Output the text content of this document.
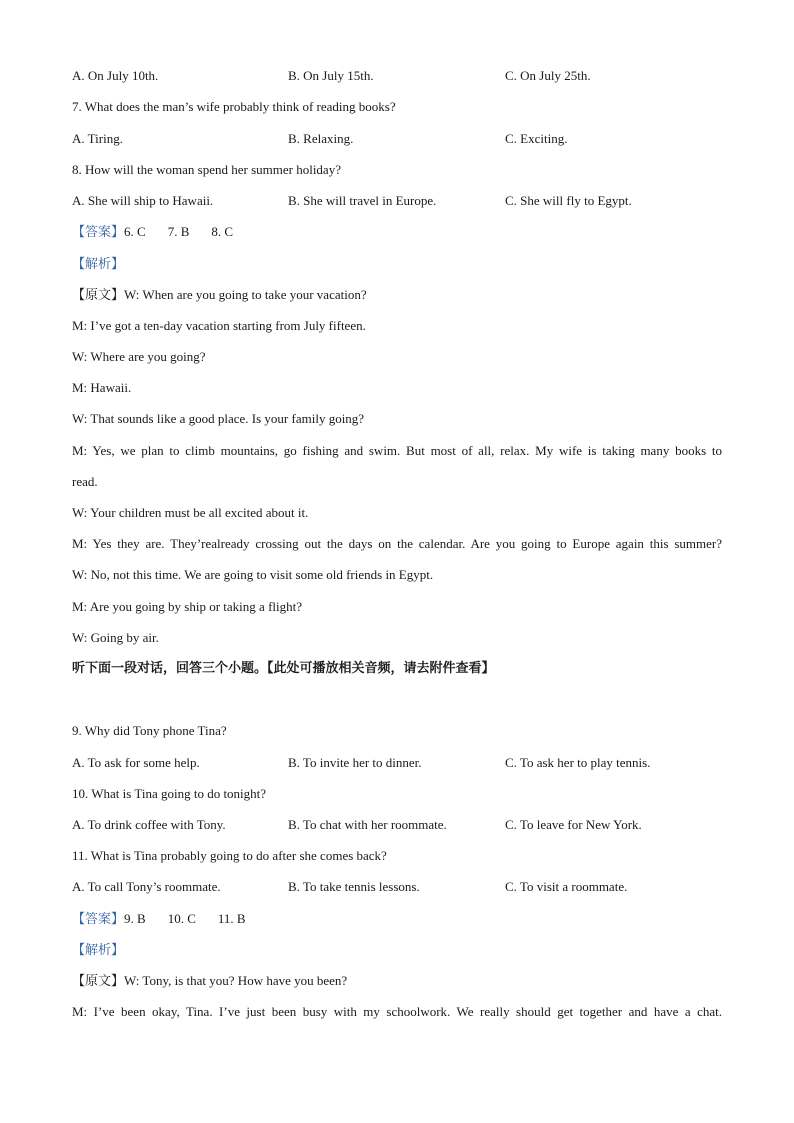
A. On July 10th.	B. On July 15th.	C. On July 25th.
7. What does the man’s wife probably think of reading books?
A. Tiring.	B. Relaxing.	C. Exciting.
8. How will the woman spend her summer holiday?
A. She will ship to Hawaii.	B. She will travel in Europe.	C. She will fly to Egypt.
【答案】6. C 7. B 8. C
【解析】
【原文】W: When are you going to take your vacation?
M: I’ve got a ten-day vacation starting from July fifteen.
W: Where are you going?
M: Hawaii.
W: That sounds like a good place. Is your family going?
M: Yes, we plan to climb mountains, go fishing and swim. But most of all, relax. My wife is taking many books to
read.
W: Your children must be all excited about it.
M: Yes they are. They’realready crossing out the days on the calendar. Are you going to Europe again this summer?
W: No, not this time. We are going to visit some old friends in Egypt.
M: Are you going by ship or taking a flight?
W: Going by air.
听下面一段对话，回答三个小题。【此处可播放相关音频，请去附件查看】
9. Why did Tony phone Tina?
A. To ask for some help.	B. To invite her to dinner.	C. To ask her to play tennis.
10. What is Tina going to do tonight?
A. To drink coffee with Tony.	B. To chat with her roommate.	C. To leave for New York.
11. What is Tina probably going to do after she comes back?
A. To call Tony’s roommate.	B. To take tennis lessons.	C. To visit a roommate.
【答案】9. B 10. C 11. B
【解析】
【原文】W: Tony, is that you? How have you been?
M: I’ve been okay, Tina. I’ve just been busy with my schoolwork. We really should get together and have a chat.
